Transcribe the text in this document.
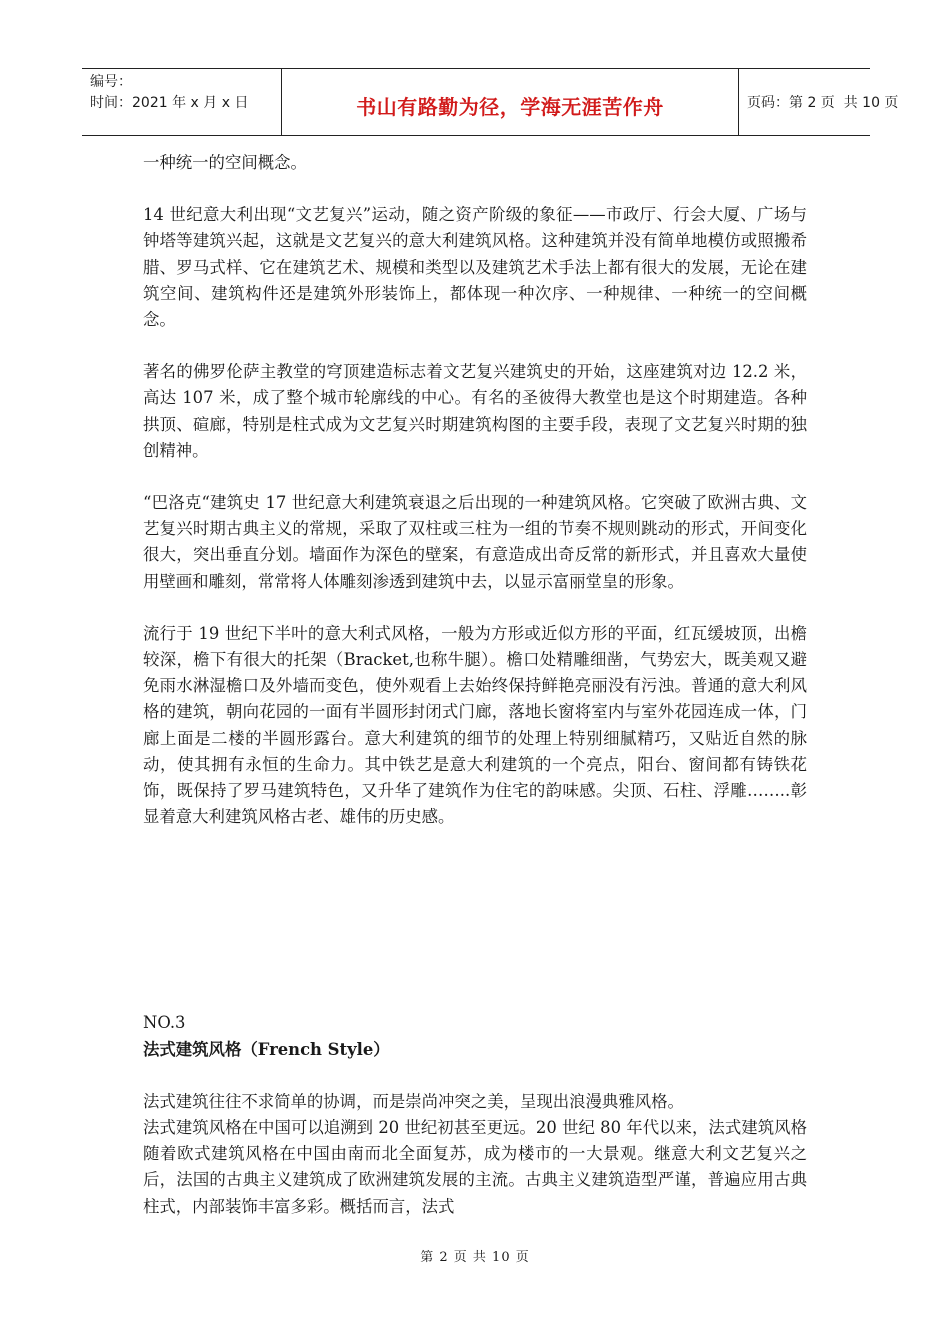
编号：
时间：2021 年 x 月 x 日	书山有路勤为径，学海无涯苦作舟	页码：第 2 页  共 10 页

一种统一的空间概念。

14 世纪意大利出现“文艺复兴”运动，随之资产阶级的象征——市政厅、行会大厦、广场与钟塔等建筑兴起，这就是文艺复兴的意大利建筑风格。这种建筑并没有简单地模仿或照搬希腊、罗马式样、它在建筑艺术、规模和类型以及建筑艺术手法上都有很大的发展，无论在建筑空间、建筑构件还是建筑外形装饰上，都体现一种次序、一种规律、一种统一的空间概念。

著名的佛罗伦萨主教堂的穹顶建造标志着文艺复兴建筑史的开始，这座建筑对边 12.2 米，高达 107 米，成了整个城市轮廓线的中心。有名的圣彼得大教堂也是这个时期建造。各种拱顶、碹廊，特别是柱式成为文艺复兴时期建筑构图的主要手段，表现了文艺复兴时期的独创精神。

“巴洛克“建筑史 17 世纪意大利建筑衰退之后出现的一种建筑风格。它突破了欧洲古典、文艺复兴时期古典主义的常规，采取了双柱或三柱为一组的节奏不规则跳动的形式，开间变化很大，突出垂直分划。墙面作为深色的壁案，有意造成出奇反常的新形式，并且喜欢大量使用壁画和雕刻，常常将人体雕刻渗透到建筑中去，以显示富丽堂皇的形象。

流行于 19 世纪下半叶的意大利式风格，一般为方形或近似方形的平面，红瓦缓坡顶，出檐较深，檐下有很大的托架（Bracket,也称牛腿）。檐口处精雕细凿，气势宏大，既美观又避免雨水淋湿檐口及外墙而变色，使外观看上去始终保持鲜艳亮丽没有污浊。普通的意大利风格的建筑，朝向花园的一面有半圆形封闭式门廊，落地长窗将室内与室外花园连成一体，门廊上面是二楼的半圆形露台。意大利建筑的细节的处理上特别细腻精巧，又贴近自然的脉动，使其拥有永恒的生命力。其中铁艺是意大利建筑的一个亮点，阳台、窗间都有铸铁花饰，既保持了罗马建筑特色，又升华了建筑作为住宅的韵味感。尖顶、石柱、浮雕……..彰显着意大利建筑风格古老、雄伟的历史感。

NO.3

法式建筑风格（French Style）

法式建筑往往不求简单的协调，而是崇尚冲突之美，呈现出浪漫典雅风格。

法式建筑风格在中国可以追溯到 20 世纪初甚至更远。20 世纪 80 年代以来，法式建筑风格随着欧式建筑风格在中国由南而北全面复苏，成为楼市的一大景观。继意大利文艺复兴之后，法国的古典主义建筑成了欧洲建筑发展的主流。古典主义建筑造型严谨，普遍应用古典柱式，内部装饰丰富多彩。概括而言，法式

第 2 页 共 10 页
